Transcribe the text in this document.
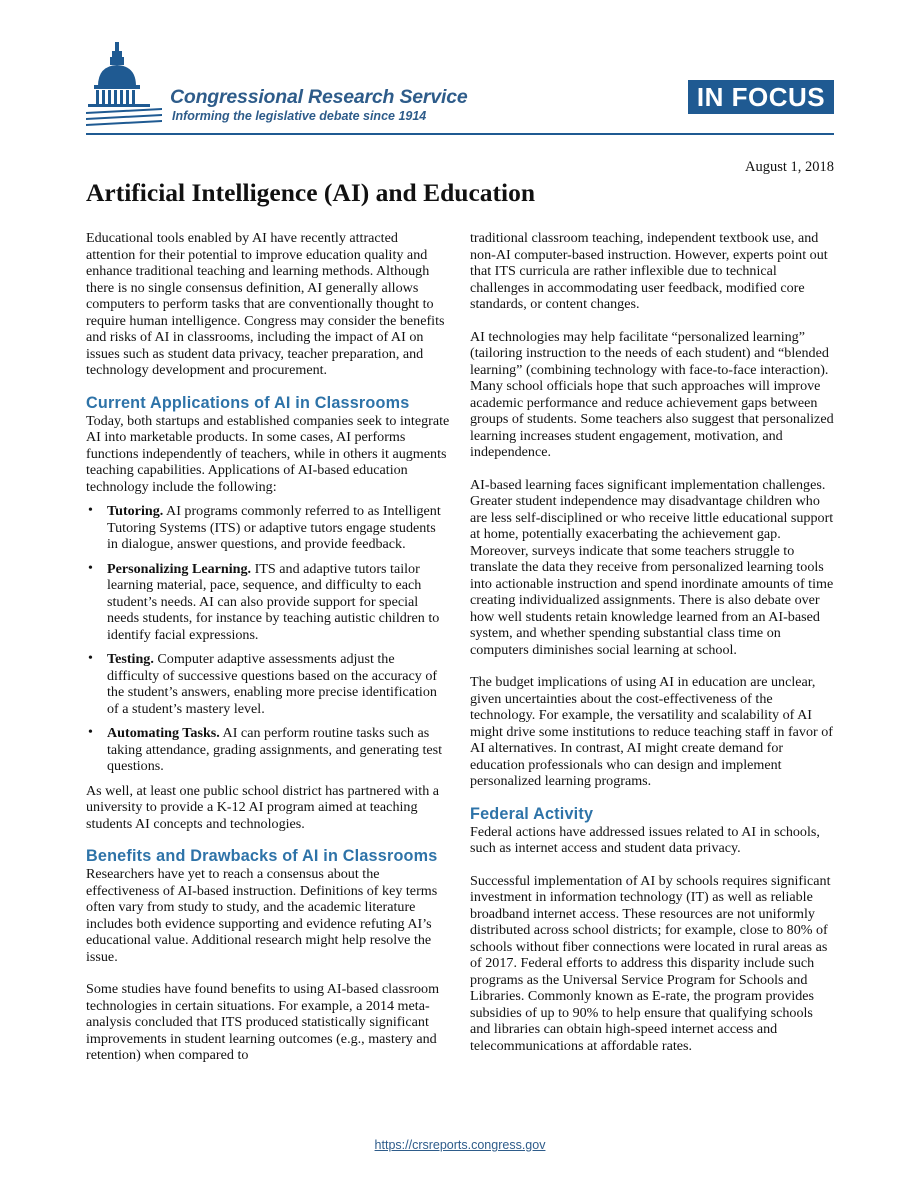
Congressional Research Service
Informing the legislative debate since 1914
IN FOCUS
August 1, 2018
Artificial Intelligence (AI) and Education

Educational tools enabled by AI have recently attracted attention for their potential to improve education quality and enhance traditional teaching and learning methods. Although there is no single consensus definition, AI generally allows computers to perform tasks that are conventionally thought to require human intelligence. Congress may consider the benefits and risks of AI in classrooms, including the impact of AI on issues such as student data privacy, teacher preparation, and technology development and procurement.

Current Applications of AI in Classrooms

Today, both startups and established companies seek to integrate AI into marketable products. In some cases, AI performs functions independently of teachers, while in others it augments teaching capabilities. Applications of AI-based education technology include the following:

• Tutoring. AI programs commonly referred to as Intelligent Tutoring Systems (ITS) or adaptive tutors engage students in dialogue, answer questions, and provide feedback.
• Personalizing Learning. ITS and adaptive tutors tailor learning material, pace, sequence, and difficulty to each student’s needs. AI can also provide support for special needs students, for instance by teaching autistic children to identify facial expressions.
• Testing. Computer adaptive assessments adjust the difficulty of successive questions based on the accuracy of the student’s answers, enabling more precise identification of a student’s mastery level.
• Automating Tasks. AI can perform routine tasks such as taking attendance, grading assignments, and generating test questions.

As well, at least one public school district has partnered with a university to provide a K-12 AI program aimed at teaching students AI concepts and technologies.

Benefits and Drawbacks of AI in Classrooms

Researchers have yet to reach a consensus about the effectiveness of AI-based instruction. Definitions of key terms often vary from study to study, and the academic literature includes both evidence supporting and evidence refuting AI’s educational value. Additional research might help resolve the issue.

Some studies have found benefits to using AI-based classroom technologies in certain situations. For example, a 2014 meta-analysis concluded that ITS produced statistically significant improvements in student learning outcomes (e.g., mastery and retention) when compared to

traditional classroom teaching, independent textbook use, and non-AI computer-based instruction. However, experts point out that ITS curricula are rather inflexible due to technical challenges in accommodating user feedback, modified core standards, or content changes.

AI technologies may help facilitate “personalized learning” (tailoring instruction to the needs of each student) and “blended learning” (combining technology with face-to-face interaction). Many school officials hope that such approaches will improve academic performance and reduce achievement gaps between groups of students. Some teachers also suggest that personalized learning increases student engagement, motivation, and independence.

AI-based learning faces significant implementation challenges. Greater student independence may disadvantage children who are less self-disciplined or who receive little educational support at home, potentially exacerbating the achievement gap. Moreover, surveys indicate that some teachers struggle to translate the data they receive from personalized learning tools into actionable instruction and spend inordinate amounts of time creating individualized assignments. There is also debate over how well students retain knowledge learned from an AI-based system, and whether spending substantial class time on computers diminishes social learning at school.

The budget implications of using AI in education are unclear, given uncertainties about the cost-effectiveness of the technology. For example, the versatility and scalability of AI might drive some institutions to reduce teaching staff in favor of AI alternatives. In contrast, AI might create demand for education professionals who can design and implement personalized learning programs.

Federal Activity

Federal actions have addressed issues related to AI in schools, such as internet access and student data privacy.

Successful implementation of AI by schools requires significant investment in information technology (IT) as well as reliable broadband internet access. These resources are not uniformly distributed across school districts; for example, close to 80% of schools without fiber connections were located in rural areas as of 2017. Federal efforts to address this disparity include such programs as the Universal Service Program for Schools and Libraries. Commonly known as E-rate, the program provides subsidies of up to 90% to help ensure that qualifying schools and libraries can obtain high-speed internet access and telecommunications at affordable rates.

https://crsreports.congress.gov
